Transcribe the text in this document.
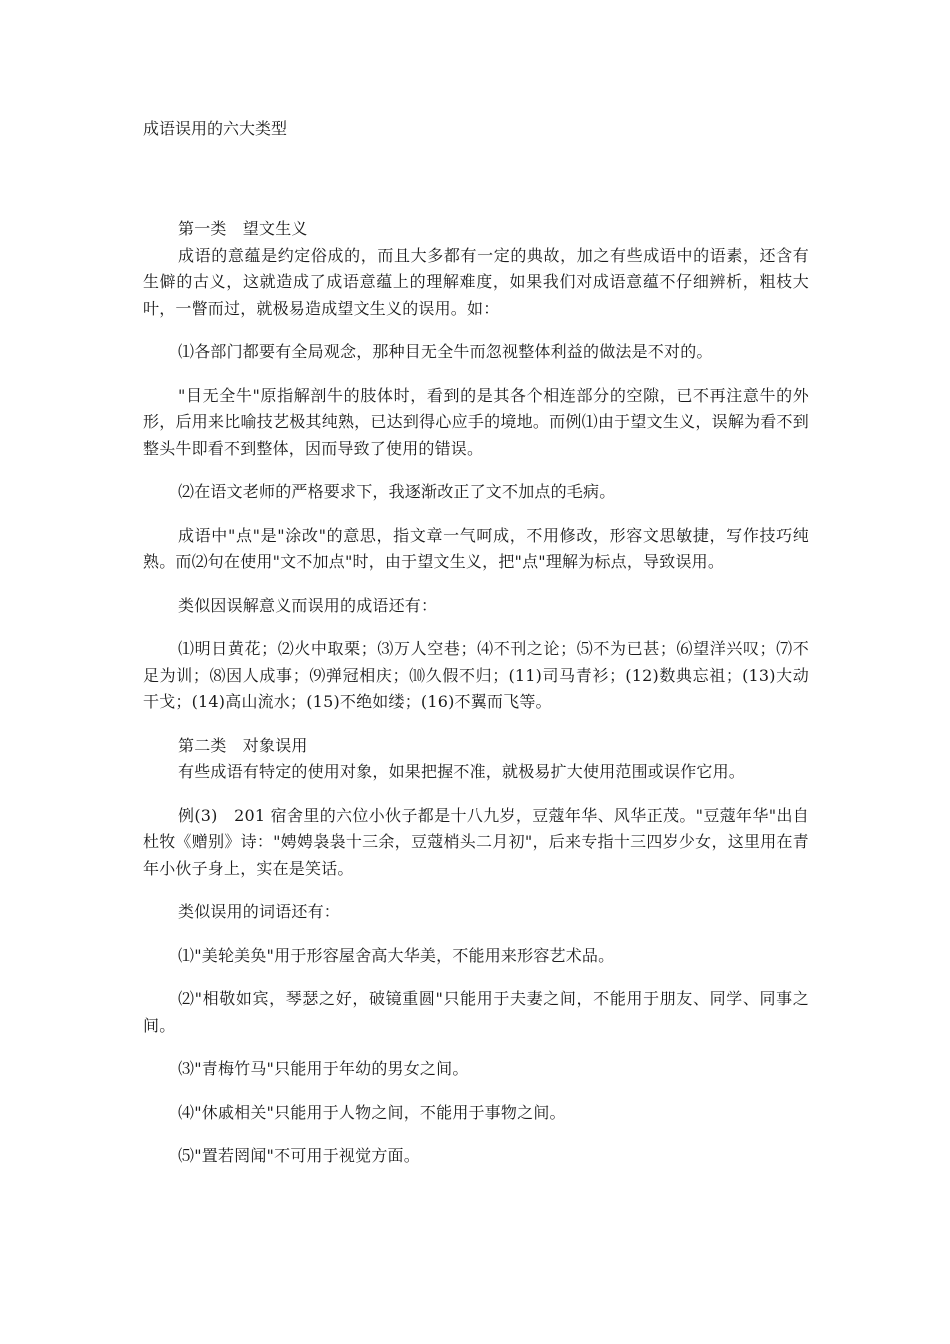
成语误用的六大类型

第一类　望文生义

成语的意蕴是约定俗成的，而且大多都有一定的典故，加之有些成语中的语素，还含有生僻的古义，这就造成了成语意蕴上的理解难度，如果我们对成语意蕴不仔细辨析，粗枝大叶，一瞥而过，就极易造成望文生义的误用。如：

⑴各部门都要有全局观念，那种目无全牛而忽视整体利益的做法是不对的。

"目无全牛"原指解剖牛的肢体时，看到的是其各个相连部分的空隙，已不再注意牛的外形，后用来比喻技艺极其纯熟，已达到得心应手的境地。而例⑴由于望文生义，误解为看不到整头牛即看不到整体，因而导致了使用的错误。

⑵在语文老师的严格要求下，我逐渐改正了文不加点的毛病。

成语中"点"是"涂改"的意思，指文章一气呵成，不用修改，形容文思敏捷，写作技巧纯熟。而⑵句在使用"文不加点"时，由于望文生义，把"点"理解为标点，导致误用。

类似因误解意义而误用的成语还有：

⑴明日黄花；⑵火中取栗；⑶万人空巷；⑷不刊之论；⑸不为已甚；⑹望洋兴叹；⑺不足为训；⑻因人成事；⑼弹冠相庆；⑽久假不归；(11)司马青衫；(12)数典忘祖；(13)大动干戈；(14)高山流水；(15)不绝如缕；(16)不翼而飞等。

第二类　对象误用

有些成语有特定的使用对象，如果把握不准，就极易扩大使用范围或误作它用。

例(3)　201 宿舍里的六位小伙子都是十八九岁，豆蔻年华、风华正茂。"豆蔻年华"出自杜牧《赠别》诗："娉娉袅袅十三余，豆蔻梢头二月初"，后来专指十三四岁少女，这里用在青年小伙子身上，实在是笑话。

类似误用的词语还有：

⑴"美轮美奂"用于形容屋舍高大华美，不能用来形容艺术品。

⑵"相敬如宾，琴瑟之好，破镜重圆"只能用于夫妻之间，不能用于朋友、同学、同事之间。

⑶"青梅竹马"只能用于年幼的男女之间。

⑷"休戚相关"只能用于人物之间，不能用于事物之间。

⑸"置若罔闻"不可用于视觉方面。
